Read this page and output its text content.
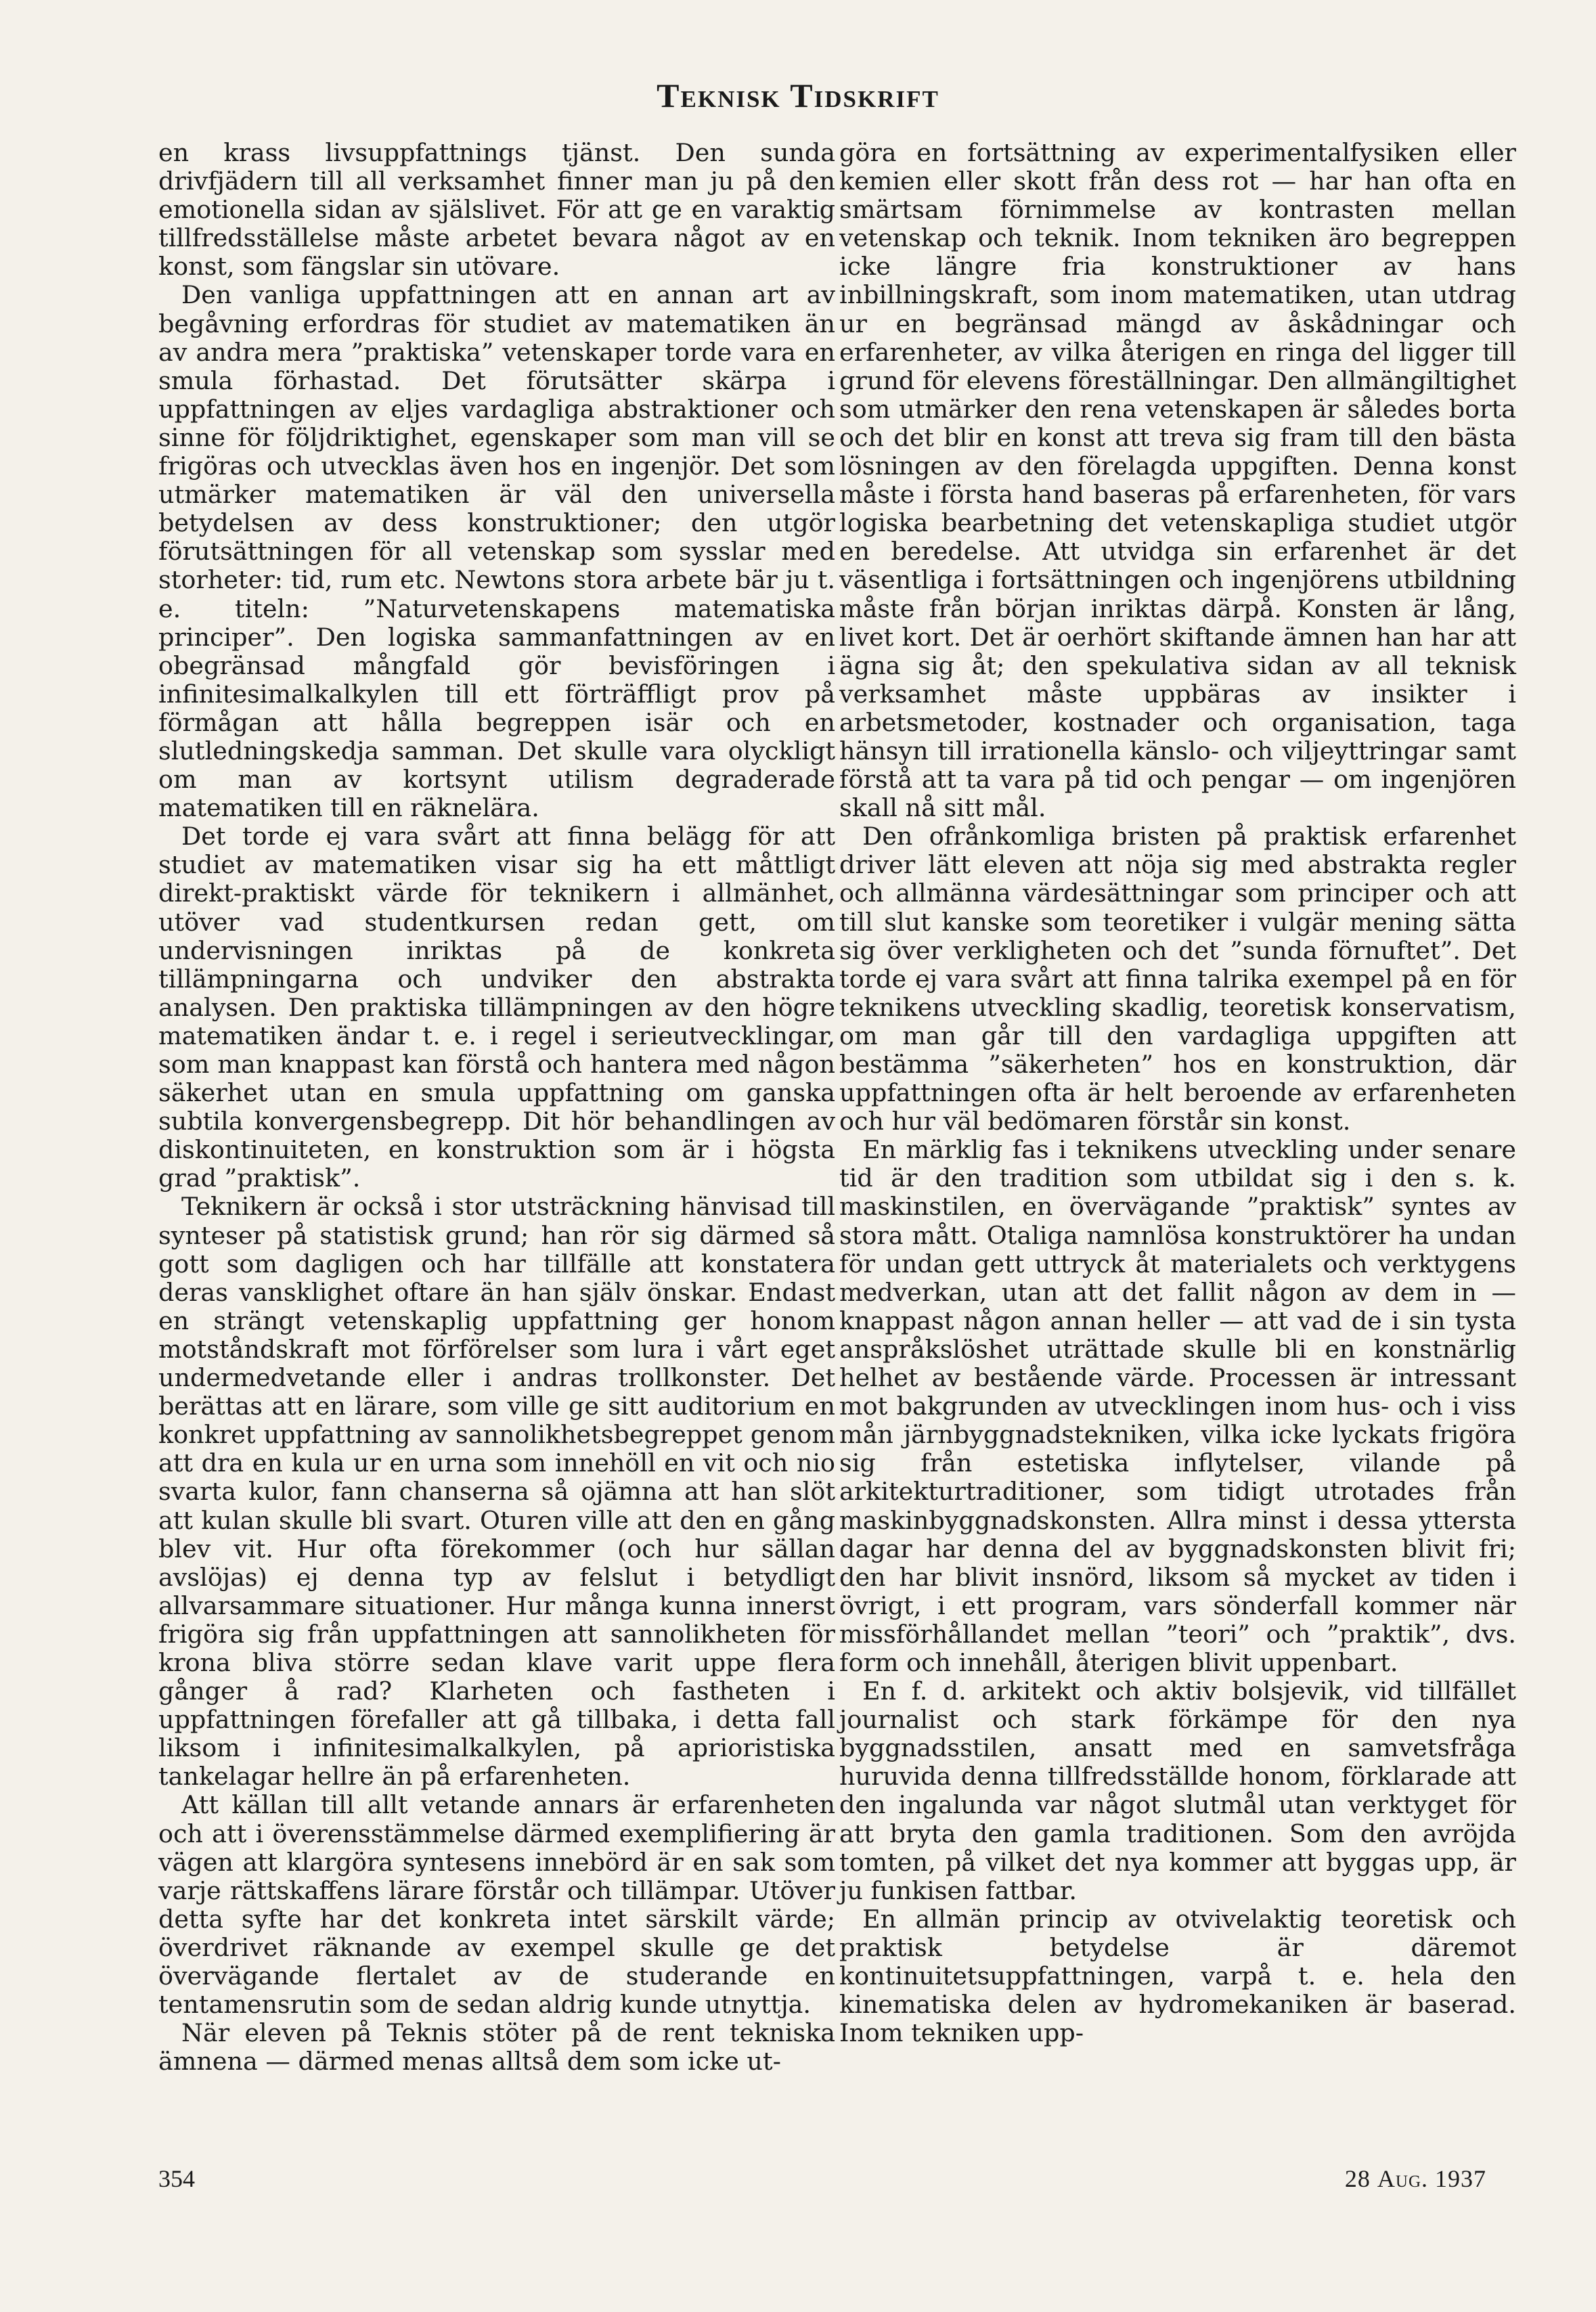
Teknisk Tidskrift

en krass livsuppfattnings tjänst. Den sunda drivfjädern till all verksamhet finner man ju på den emotionella sidan av själslivet. För att ge en varaktig tillfredsställelse måste arbetet bevara något av en konst, som fängslar sin utövare.

Den vanliga uppfattningen att en annan art av begåvning erfordras för studiet av matematiken än av andra mera ”praktiska” vetenskaper torde vara en smula förhastad. Det förutsätter skärpa i uppfattningen av eljes vardagliga abstraktioner och sinne för följdriktighet, egenskaper som man vill se frigöras och utvecklas även hos en ingenjör. Det som utmärker matematiken är väl den universella betydelsen av dess konstruktioner; den utgör förutsättningen för all vetenskap som sysslar med storheter: tid, rum etc. Newtons stora arbete bär ju t. e. titeln: ”Naturvetenskapens matematiska principer”. Den logiska sammanfattningen av en obegränsad mångfald gör bevisföringen i infinitesimalkalkylen till ett förträffligt prov på förmågan att hålla begreppen isär och en slutledningskedja samman. Det skulle vara olyckligt om man av kortsynt utilism degraderade matematiken till en räknelära.

Det torde ej vara svårt att finna belägg för att studiet av matematiken visar sig ha ett måttligt direkt-praktiskt värde för teknikern i allmänhet, utöver vad studentkursen redan gett, om undervisningen inriktas på de konkreta tillämpningarna och undviker den abstrakta analysen. Den praktiska tillämpningen av den högre matematiken ändar t. e. i regel i serieutvecklingar, som man knappast kan förstå och hantera med någon säkerhet utan en smula uppfattning om ganska subtila konvergensbegrepp. Dit hör behandlingen av diskontinuiteten, en konstruktion som är i högsta grad ”praktisk”.

Teknikern är också i stor utsträckning hänvisad till synteser på statistisk grund; han rör sig därmed så gott som dagligen och har tillfälle att konstatera deras vansklighet oftare än han själv önskar. Endast en strängt vetenskaplig uppfattning ger honom motståndskraft mot förförelser som lura i vårt eget undermedvetande eller i andras trollkonster. Det berättas att en lärare, som ville ge sitt auditorium en konkret uppfattning av sannolikhetsbegreppet genom att dra en kula ur en urna som innehöll en vit och nio svarta kulor, fann chanserna så ojämna att han slöt att kulan skulle bli svart. Oturen ville att den en gång blev vit. Hur ofta förekommer (och hur sällan avslöjas) ej denna typ av felslut i betydligt allvarsammare situationer. Hur många kunna innerst frigöra sig från uppfattningen att sannolikheten för krona bliva större sedan klave varit uppe flera gånger å rad? Klarheten och fastheten i uppfattningen förefaller att gå tillbaka, i detta fall liksom i infinitesimalkalkylen, på aprioristiska tankelagar hellre än på erfarenheten.

Att källan till allt vetande annars är erfarenheten och att i överensstämmelse därmed exemplifiering är vägen att klargöra syntesens innebörd är en sak som varje rättskaffens lärare förstår och tillämpar. Utöver detta syfte har det konkreta intet särskilt värde; överdrivet räknande av exempel skulle ge det övervägande flertalet av de studerande en tentamensrutin som de sedan aldrig kunde utnyttja.

När eleven på Teknis stöter på de rent tekniska ämnena — därmed menas alltså dem som icke ut-

göra en fortsättning av experimentalfysiken eller kemien eller skott från dess rot — har han ofta en smärtsam förnimmelse av kontrasten mellan vetenskap och teknik. Inom tekniken äro begreppen icke längre fria konstruktioner av hans inbillningskraft, som inom matematiken, utan utdrag ur en begränsad mängd av åskådningar och erfarenheter, av vilka återigen en ringa del ligger till grund för elevens föreställningar. Den allmängiltighet som utmärker den rena vetenskapen är således borta och det blir en konst att treva sig fram till den bästa lösningen av den förelagda uppgiften. Denna konst måste i första hand baseras på erfarenheten, för vars logiska bearbetning det vetenskapliga studiet utgör en beredelse. Att utvidga sin erfarenhet är det väsentliga i fortsättningen och ingenjörens utbildning måste från början inriktas därpå. Konsten är lång, livet kort. Det är oerhört skiftande ämnen han har att ägna sig åt; den spekulativa sidan av all teknisk verksamhet måste uppbäras av insikter i arbetsmetoder, kostnader och organisation, taga hänsyn till irrationella känslo- och viljeyttringar samt förstå att ta vara på tid och pengar — om ingenjören skall nå sitt mål.

Den ofrånkomliga bristen på praktisk erfarenhet driver lätt eleven att nöja sig med abstrakta regler och allmänna värdesättningar som principer och att till slut kanske som teoretiker i vulgär mening sätta sig över verkligheten och det ”sunda förnuftet”. Det torde ej vara svårt att finna talrika exempel på en för teknikens utveckling skadlig, teoretisk konservatism, om man går till den vardagliga uppgiften att bestämma ”säkerheten” hos en konstruktion, där uppfattningen ofta är helt beroende av erfarenheten och hur väl bedömaren förstår sin konst.

En märklig fas i teknikens utveckling under senare tid är den tradition som utbildat sig i den s. k. maskinstilen, en övervägande ”praktisk” syntes av stora mått. Otaliga namnlösa konstruktörer ha undan för undan gett uttryck åt materialets och verktygens medverkan, utan att det fallit någon av dem in — knappast någon annan heller — att vad de i sin tysta anspråkslöshet uträttade skulle bli en konstnärlig helhet av bestående värde. Processen är intressant mot bakgrunden av utvecklingen inom hus- och i viss mån järnbyggnadstekniken, vilka icke lyckats frigöra sig från estetiska inflytelser, vilande på arkitekturtraditioner, som tidigt utrotades från maskinbyggnadskonsten. Allra minst i dessa yttersta dagar har denna del av byggnadskonsten blivit fri; den har blivit insnörd, liksom så mycket av tiden i övrigt, i ett program, vars sönderfall kommer när missförhållandet mellan ”teori” och ”praktik”, dvs. form och innehåll, återigen blivit uppenbart.

En f. d. arkitekt och aktiv bolsjevik, vid tillfället journalist och stark förkämpe för den nya byggnadsstilen, ansatt med en samvetsfråga huruvida denna tillfredsställde honom, förklarade att den ingalunda var något slutmål utan verktyget för att bryta den gamla traditionen. Som den avröjda tomten, på vilket det nya kommer att byggas upp, är ju funkisen fattbar.

En allmän princip av otvivelaktig teoretisk och praktisk betydelse är däremot kontinuitetsuppfattningen, varpå t. e. hela den kinematiska delen av hydromekaniken är baserad. Inom tekniken upp-

354	28 Aug. 1937
